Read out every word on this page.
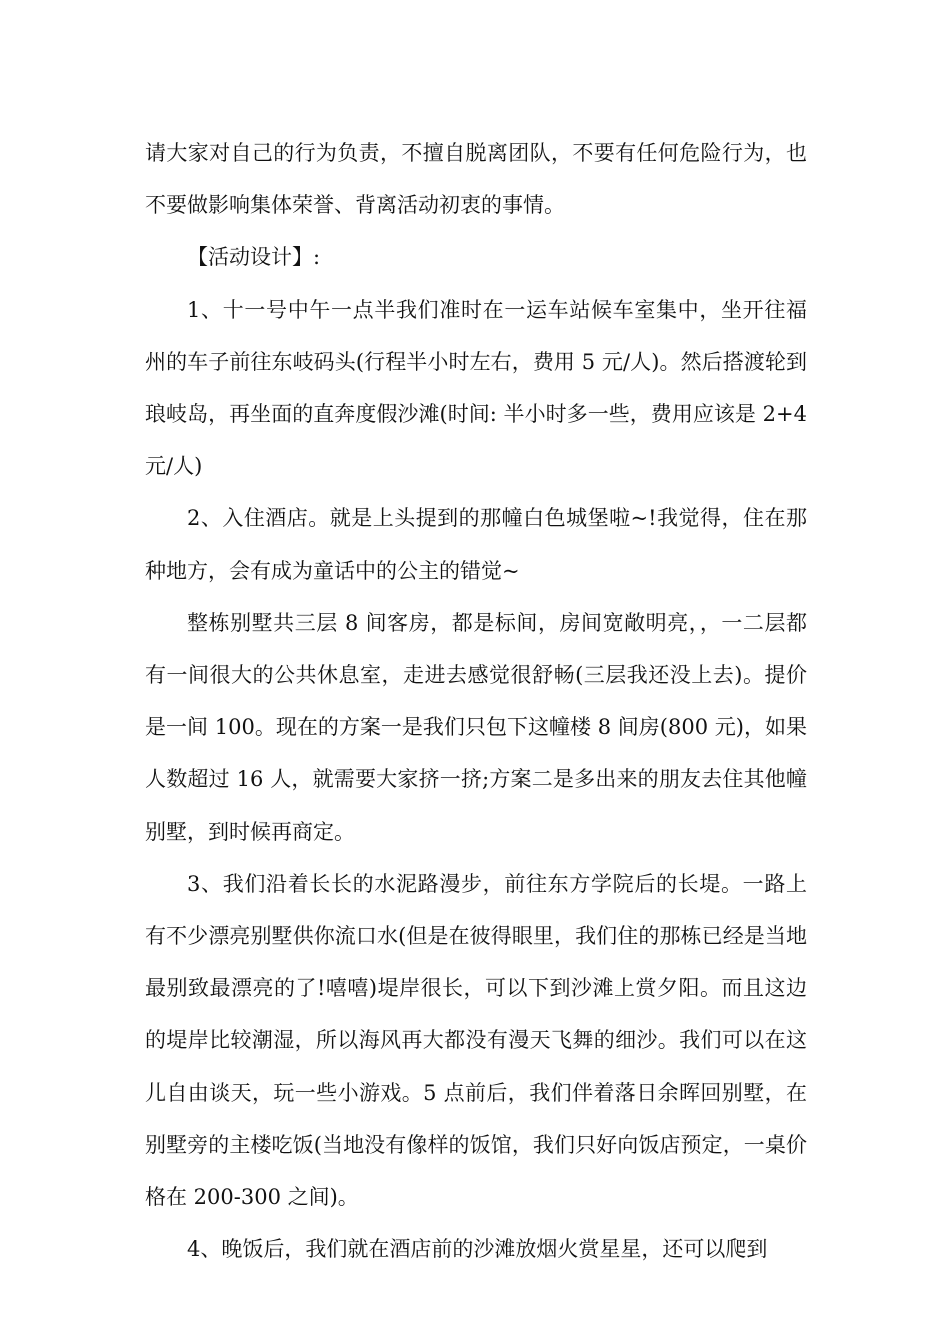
请大家对自己的行为负责，不擅自脱离团队，不要有任何危险行为，也不要做影响集体荣誉、背离活动初衷的事情。

【活动设计】:

1、十一号中午一点半我们准时在一运车站候车室集中，坐开往福州的车子前往东岐码头(行程半小时左右，费用 5 元/人)。然后搭渡轮到琅岐岛，再坐面的直奔度假沙滩(时间: 半小时多一些，费用应该是 2+4 元/人)

2、入住酒店。就是上头提到的那幢白色城堡啦~!我觉得，住在那种地方，会有成为童话中的公主的错觉~

整栋别墅共三层 8 间客房，都是标间，房间宽敞明亮，，一二层都有一间很大的公共休息室，走进去感觉很舒畅(三层我还没上去)。提价是一间 100。现在的方案一是我们只包下这幢楼 8 间房(800 元)，如果人数超过 16 人，就需要大家挤一挤;方案二是多出来的朋友去住其他幢别墅，到时候再商定。

3、我们沿着长长的水泥路漫步，前往东方学院后的长堤。一路上有不少漂亮别墅供你流口水(但是在彼得眼里，我们住的那栋已经是当地最别致最漂亮的了!嘻嘻)堤岸很长，可以下到沙滩上赏夕阳。而且这边的堤岸比较潮湿，所以海风再大都没有漫天飞舞的细沙。我们可以在这儿自由谈天，玩一些小游戏。5 点前后，我们伴着落日余晖回别墅，在别墅旁的主楼吃饭(当地没有像样的饭馆，我们只好向饭店预定，一桌价格在 200-300 之间)。

4、晚饭后，我们就在酒店前的沙滩放烟火赏星星，还可以爬到
